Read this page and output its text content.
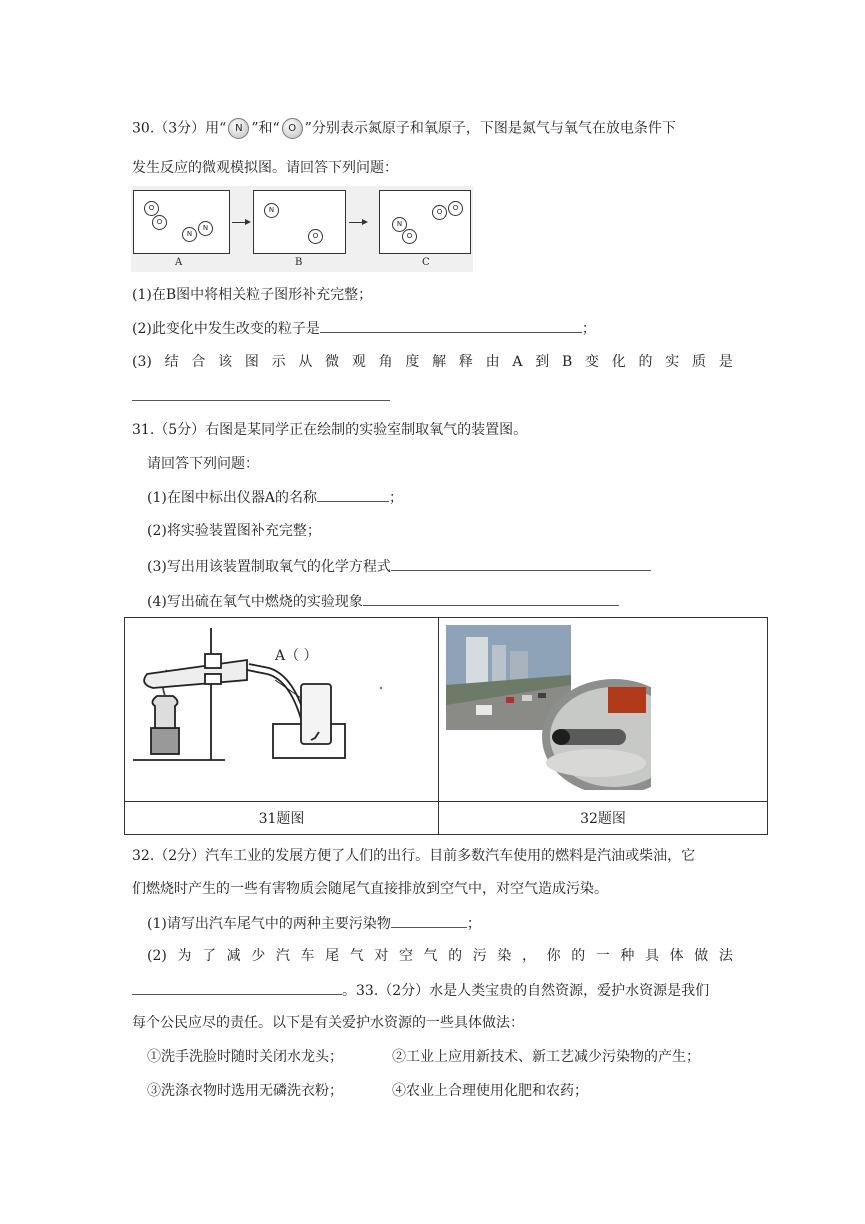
30.（3分）用“ N ”和“ O ”分别表示氮原子和氧原子，下图是氮气与氧气在放电条件下
发生反应的微观模拟图。请回答下列问题：
O
O
N
N
N
O
N
O
O	O
A	B	C
(1)在B图中将相关粒子图形补充完整；
(2)此变化中发生改变的粒子是	；
(3) 结 合 该 图 示 从 微 观 角 度 解 释 由 A 到 B 变 化 的 实 质 是
31.（5分）右图是某同学正在绘制的实验室制取氧气的装置图。
请回答下列问题：
(1)在图中标出仪器A的名称	；
(2)将实验装置图补充完整；
(3)写出用该装置制取氧气的化学方程式
(4)写出硫在氧气中燃烧的实验现象
A（ ）

31题图	32题图
32.（2分）汽车工业的发展方便了人们的出行。目前多数汽车使用的燃料是汽油或柴油，它
们燃烧时产生的一些有害物质会随尾气直接排放到空气中，对空气造成污染。
(1)请写出汽车尾气中的两种主要污染物	；
(2) 为 了 减 少 汽 车 尾 气 对 空 气 的 污 染 ， 你 的 一 种 具 体 做 法
。33.（2分）水是人类宝贵的自然资源，爱护水资源是我们
每个公民应尽的责任。以下是有关爱护水资源的一些具体做法：
①洗手洗脸时随时关闭水龙头；	②工业上应用新技术、新工艺减少污染物的产生；
③洗涤衣物时选用无磷洗衣粉；	④农业上合理使用化肥和农药；
